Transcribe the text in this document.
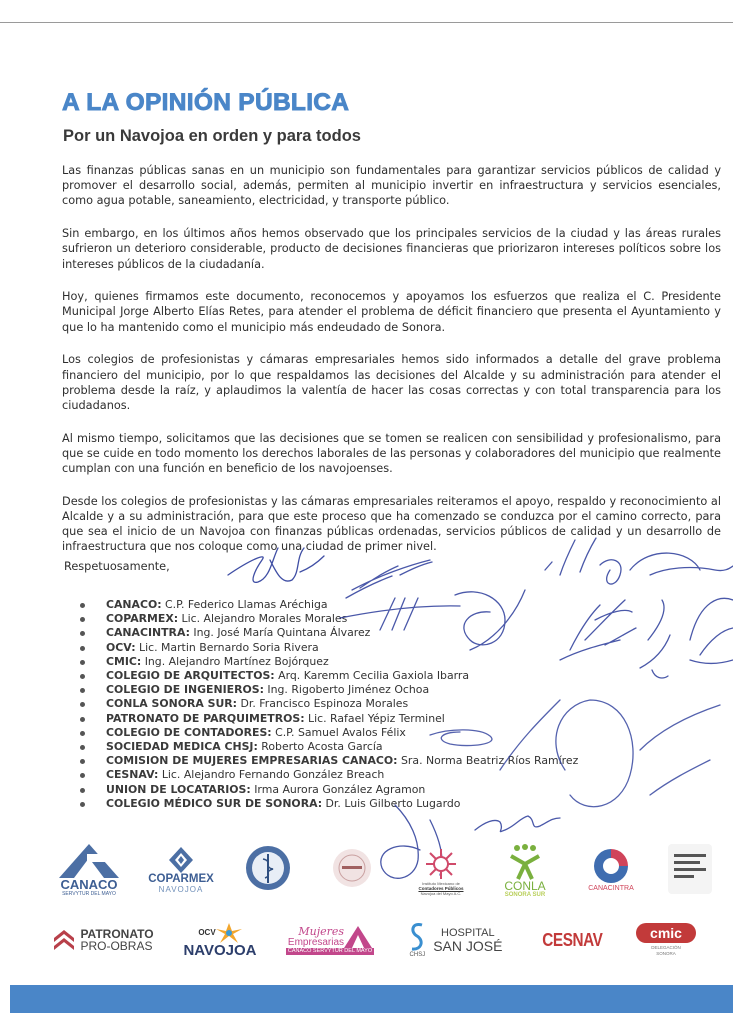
A LA OPINIÓN PÚBLICA
Por un Navojoa en orden y para todos

Las finanzas públicas sanas en un municipio son fundamentales para garantizar servicios públicos de calidad y promover el desarrollo social, además, permiten al municipio invertir en infraestructura y servicios esenciales, como agua potable, saneamiento, electricidad, y transporte público.

Sin embargo, en los últimos años hemos observado que los principales servicios de la ciudad y las áreas rurales sufrieron un deterioro considerable, producto de decisiones financieras que priorizaron intereses políticos sobre los intereses públicos de la ciudadanía.

Hoy, quienes firmamos este documento, reconocemos y apoyamos los esfuerzos que realiza el C. Presidente Municipal Jorge Alberto Elías Retes, para atender el problema de déficit financiero que presenta el Ayuntamiento y que lo ha mantenido como el municipio más endeudado de Sonora.

Los colegios de profesionistas y cámaras empresariales hemos sido informados a detalle del grave problema financiero del municipio, por lo que respaldamos las decisiones del Alcalde y su administración para atender el problema desde la raíz, y aplaudimos la valentía de hacer las cosas correctas y con total transparencia para los ciudadanos.

Al mismo tiempo, solicitamos que las decisiones que se tomen se realicen con sensibilidad y profesionalismo, para que se cuide en todo momento los derechos laborales de las personas y colaboradores del municipio que realmente cumplan con una función en beneficio de los navojoenses.

Desde los colegios de profesionistas y las cámaras empresariales reiteramos el apoyo, respaldo y reconocimiento al Alcalde y a su administración, para que este proceso que ha comenzado se conduzca por el camino correcto, para que sea el inicio de un Navojoa con finanzas públicas ordenadas, servicios públicos de calidad y un desarrollo de infraestructura que nos coloque como una ciudad de primer nivel.

Respetuosamente,

CANACO: C.P. Federico Llamas Aréchiga
COPARMEX: Lic. Alejandro Morales Morales
CANACINTRA: Ing. José María Quintana Álvarez
OCV: Lic. Martin Bernardo Soria Rivera
CMIC: Ing. Alejandro Martínez Bojórquez
COLEGIO DE ARQUITECTOS: Arq. Karemm Cecilia Gaxiola Ibarra
COLEGIO DE INGENIEROS: Ing. Rigoberto Jiménez Ochoa
CONLA SONORA SUR: Dr. Francisco Espinoza Morales
PATRONATO DE PARQUIMETROS: Lic. Rafael Yépiz Terminel
COLEGIO DE CONTADORES: C.P. Samuel Avalos Félix
SOCIEDAD MEDICA CHSJ: Roberto Acosta García
COMISION DE MUJERES EMPRESARIAS CANACO: Sra. Norma Beatriz Ríos Ramírez
CESNAV: Lic. Alejandro Fernando González Breach
UNION DE LOCATARIOS: Irma Aurora González Agramon
COLEGIO MÉDICO SUR DE SONORA: Dr. Luis Gilberto Lugardo
CANACO
SERVYTUR DEL MAYO
COPARMEX
NAVOJOA
Instituto Mexicano de
Contadores Públicos
Navojoa del Mayo A.C.
CONLA
SONORA SUR
CANACINTRA
PATRONATO
PRO-OBRAS
OCV
NAVOJOA
Mujeres
Empresarias
CANACO SERVYTUR DEL MAYO
CHSJ
HOSPITAL
SAN JOSÉ CESNAV	cmic
DELEGACIÓN
SONORA
